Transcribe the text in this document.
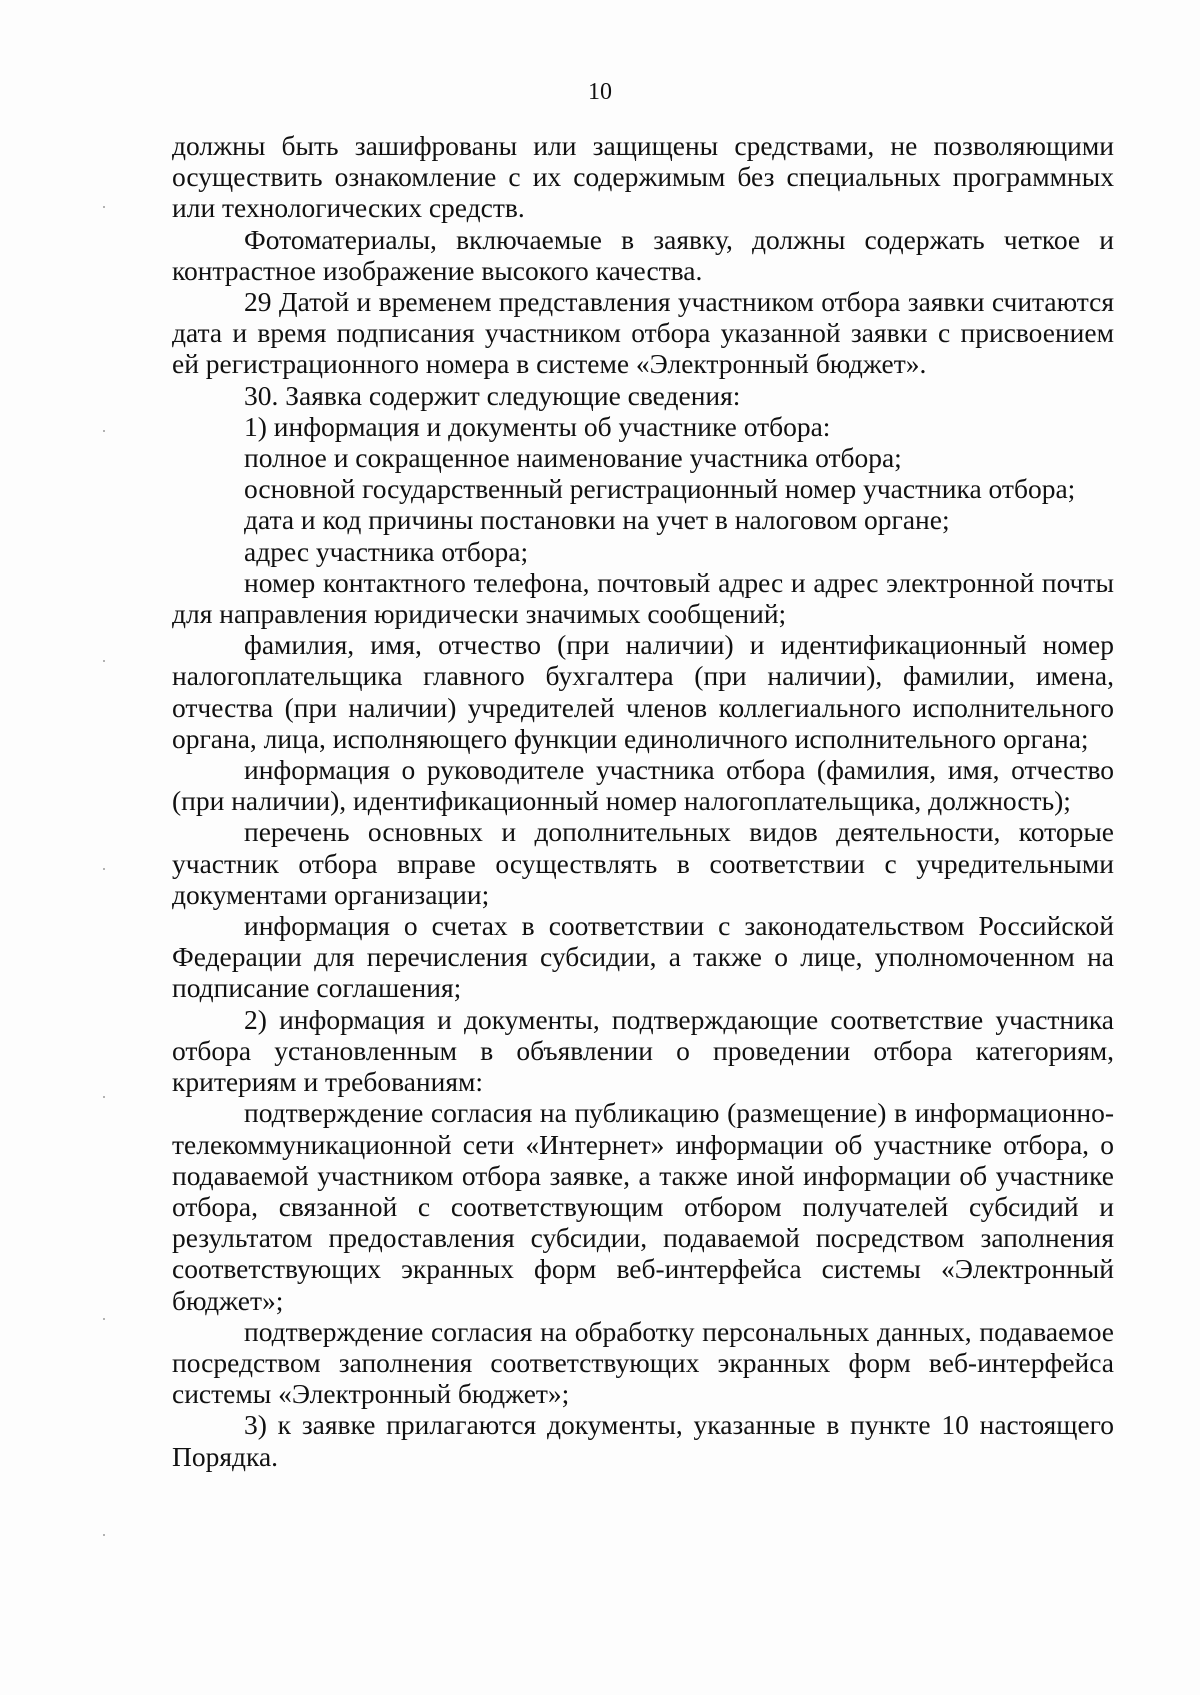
10

должны быть зашифрованы или защищены средствами, не позволяющими осуществить ознакомление с их содержимым без специальных программных или технологических средств.

Фотоматериалы, включаемые в заявку, должны содержать четкое и контрастное изображение высокого качества.

29 Датой и временем представления участником отбора заявки считаются дата и время подписания участником отбора указанной заявки с присвоением ей регистрационного номера в системе «Электронный бюджет».

30. Заявка содержит следующие сведения:

1) информация и документы об участнике отбора:

полное и сокращенное наименование участника отбора;

основной государственный регистрационный номер участника отбора;

дата и код причины постановки на учет в налоговом органе;

адрес участника отбора;

номер контактного телефона, почтовый адрес и адрес электронной почты для направления юридически значимых сообщений;

фамилия, имя, отчество (при наличии) и идентификационный номер налогоплательщика главного бухгалтера (при наличии), фамилии, имена, отчества (при наличии) учредителей членов коллегиального исполнительного органа, лица, исполняющего функции единоличного исполнительного органа;

информация о руководителе участника отбора (фамилия, имя, отчество (при наличии), идентификационный номер налогоплательщика, должность);

перечень основных и дополнительных видов деятельности, которые участник отбора вправе осуществлять в соответствии с учредительными документами организации;

информация о счетах в соответствии с законодательством Российской Федерации для перечисления субсидии, а также о лице, уполномоченном на подписание соглашения;

2) информация и документы, подтверждающие соответствие участника отбора установленным в объявлении о проведении отбора категориям, критериям и требованиям:

подтверждение согласия на публикацию (размещение) в информационно-телекоммуникационной сети «Интернет» информации об участнике отбора, о подаваемой участником отбора заявке, а также иной информации об участнике отбора, связанной с соответствующим отбором получателей субсидий и результатом предоставления субсидии, подаваемой посредством заполнения соответствующих экранных форм веб-интерфейса системы «Электронный бюджет»;

подтверждение согласия на обработку персональных данных, подаваемое посредством заполнения соответствующих экранных форм веб-интерфейса системы «Электронный бюджет»;

3) к заявке прилагаются документы, указанные в пункте 10 настоящего Порядка.
